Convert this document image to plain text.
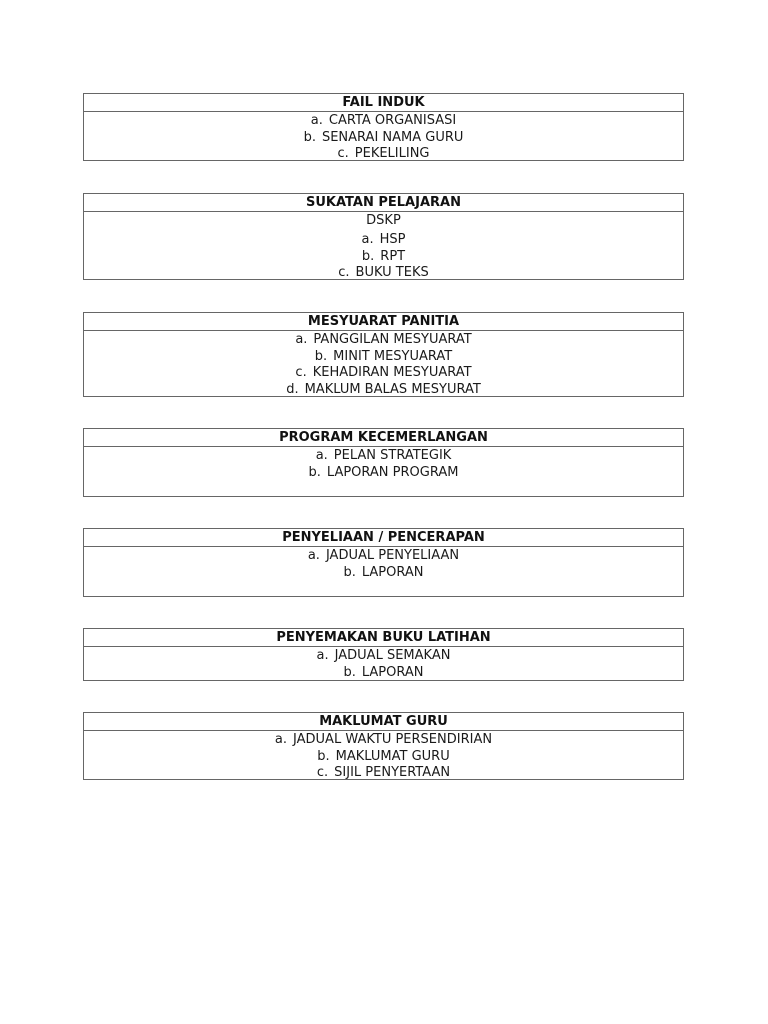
FAIL INDUK
a. CARTA ORGANISASI
b. SENARAI NAMA GURU
c. PEKELILING
SUKATAN PELAJARAN
DSKP
a. HSP
b. RPT
c. BUKU TEKS
MESYUARAT PANITIA
a. PANGGILAN MESYUARAT
b. MINIT MESYUARAT
c. KEHADIRAN MESYUARAT
d. MAKLUM BALAS MESYURAT
PROGRAM KECEMERLANGAN
a. PELAN STRATEGIK
b. LAPORAN PROGRAM
PENYELIAAN / PENCERAPAN
a. JADUAL PENYELIAAN
b. LAPORAN
PENYEMAKAN BUKU LATIHAN
a. JADUAL SEMAKAN
b. LAPORAN
MAKLUMAT GURU
a. JADUAL WAKTU PERSENDIRIAN
b. MAKLUMAT GURU
c. SIJIL PENYERTAAN
